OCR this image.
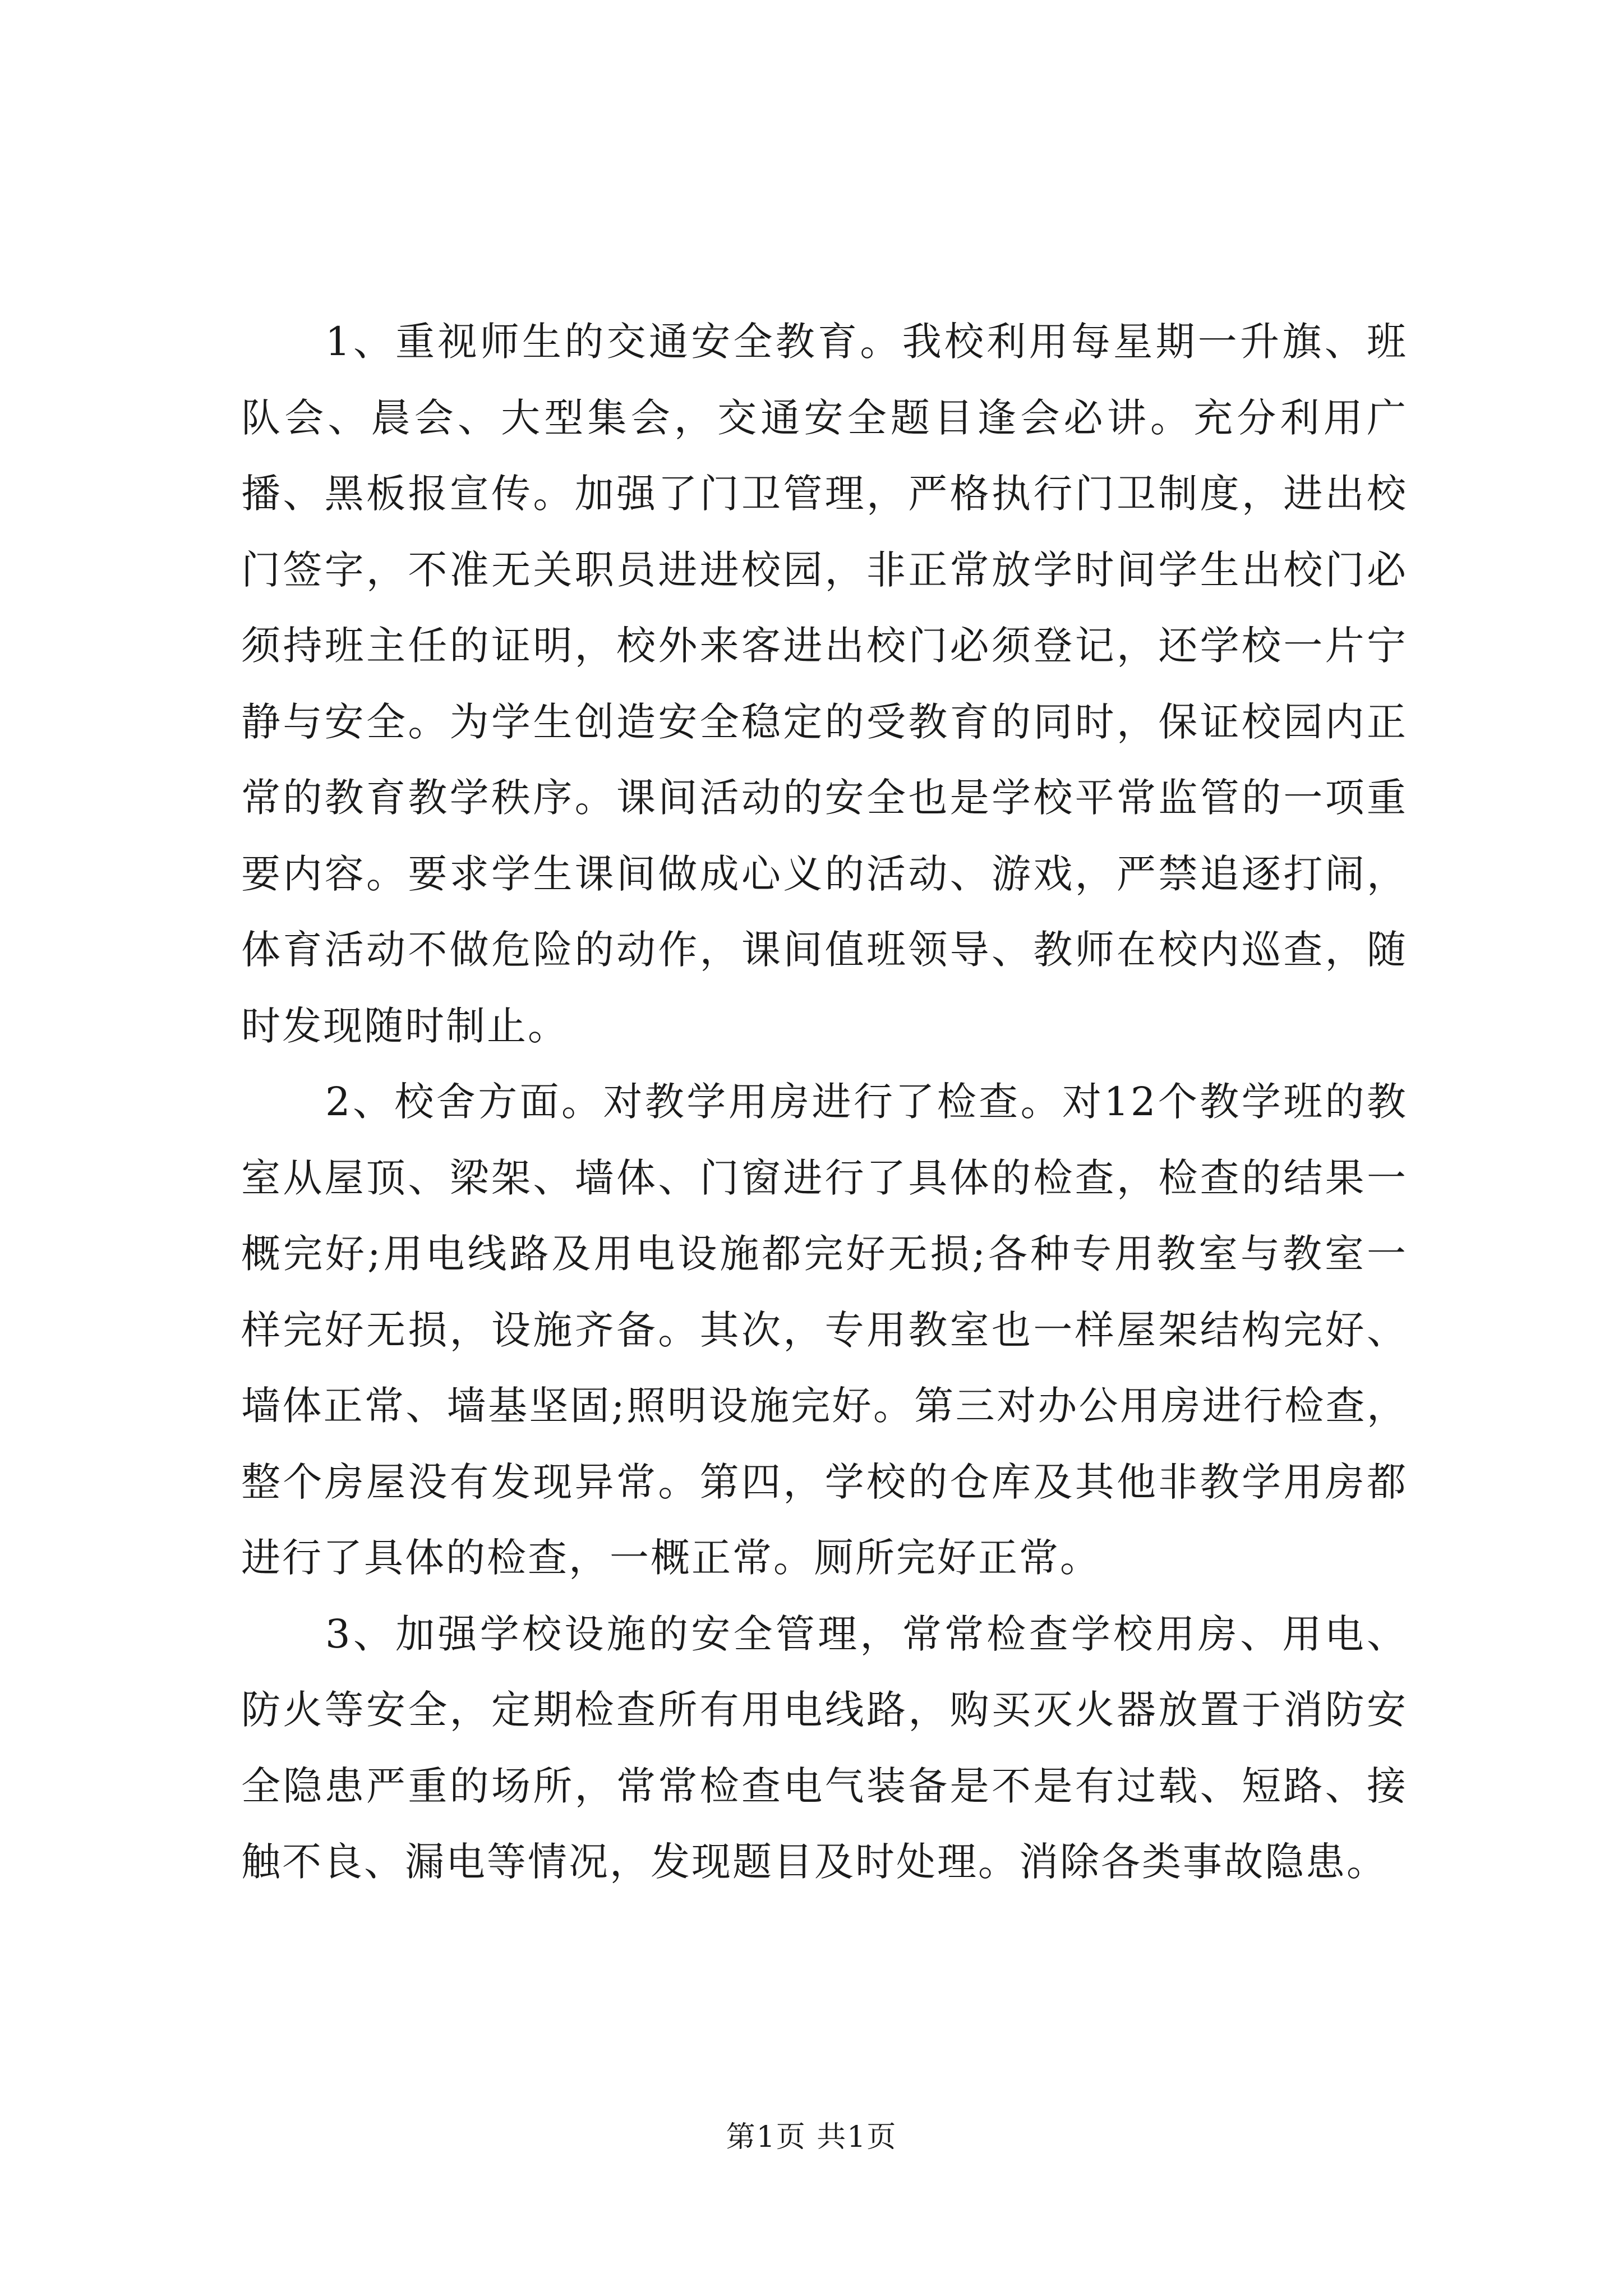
1、重视师生的交通安全教育。我校利用每星期一升旗、班队会、晨会、大型集会，交通安全题目逢会必讲。充分利用广播、黑板报宣传。加强了门卫管理，严格执行门卫制度，进出校门签字，不准无关职员进进校园，非正常放学时间学生出校门必须持班主任的证明，校外来客进出校门必须登记，还学校一片宁静与安全。为学生创造安全稳定的受教育的同时，保证校园内正常的教育教学秩序。课间活动的安全也是学校平常监管的一项重要内容。要求学生课间做成心义的活动、游戏，严禁追逐打闹，体育活动不做危险的动作，课间值班领导、教师在校内巡查，随时发现随时制止。

2、校舍方面。对教学用房进行了检查。对12个教学班的教室从屋顶、梁架、墙体、门窗进行了具体的检查，检查的结果一概完好;用电线路及用电设施都完好无损;各种专用教室与教室一样完好无损，设施齐备。其次，专用教室也一样屋架结构完好、墙体正常、墙基坚固;照明设施完好。第三对办公用房进行检查，整个房屋没有发现异常。第四，学校的仓库及其他非教学用房都进行了具体的检查，一概正常。厕所完好正常。

3、加强学校设施的安全管理，常常检查学校用房、用电、防火等安全，定期检查所有用电线路，购买灭火器放置于消防安全隐患严重的场所，常常检查电气装备是不是有过载、短路、接触不良、漏电等情况，发现题目及时处理。消除各类事故隐患。

第1页 共1页
